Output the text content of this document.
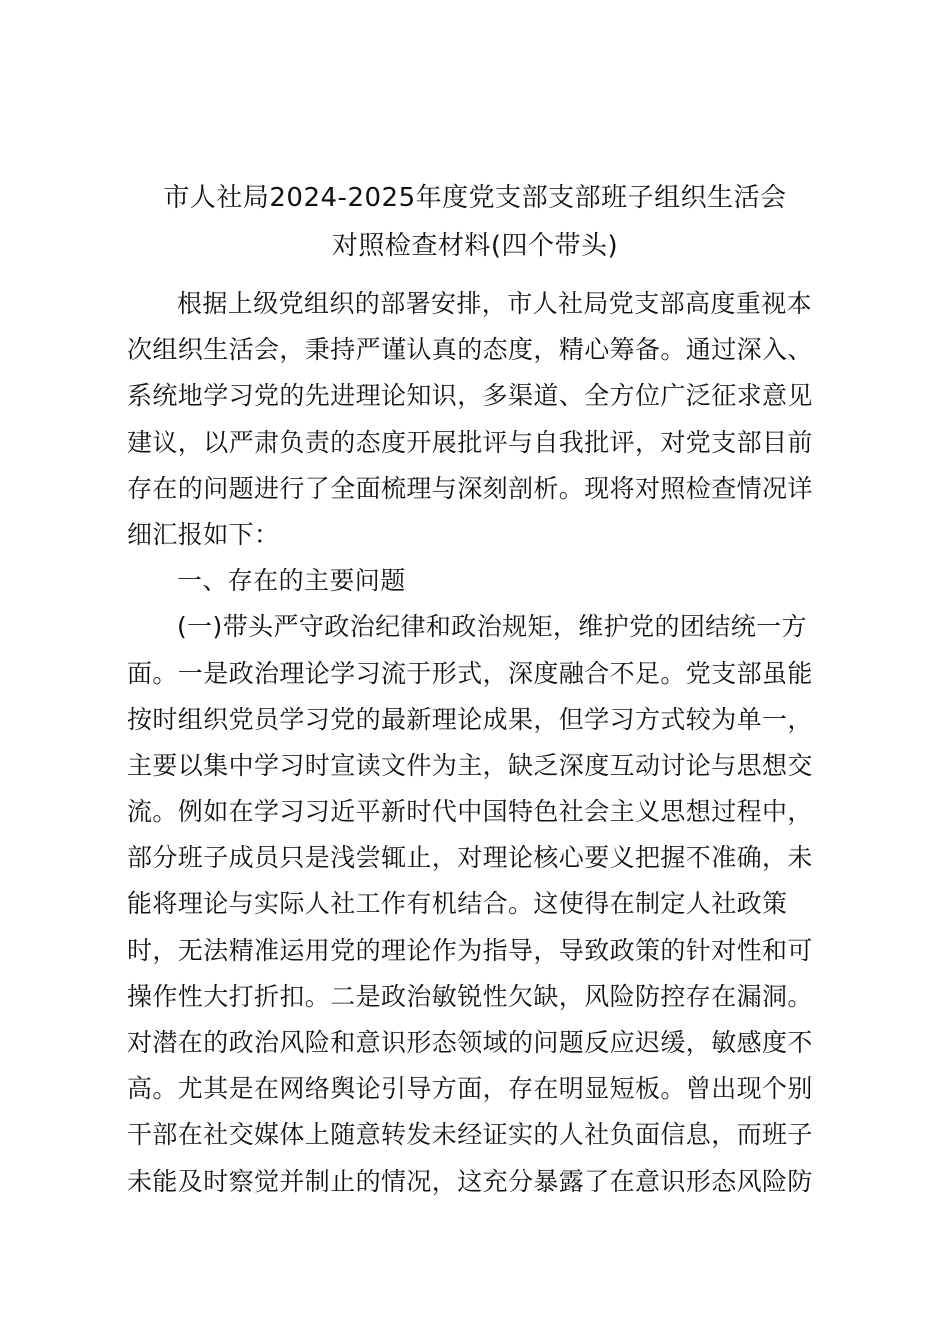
市人社局2024-2025年度党支部支部班子组织生活会
对照检查材料(四个带头)
根据上级党组织的部署安排，市人社局党支部高度重视本
次组织生活会，秉持严谨认真的态度，精心筹备。通过深入、
系统地学习党的先进理论知识，多渠道、全方位广泛征求意见
建议，以严肃负责的态度开展批评与自我批评，对党支部目前
存在的问题进行了全面梳理与深刻剖析。现将对照检查情况详
细汇报如下：
一、存在的主要问题
(一)带头严守政治纪律和政治规矩，维护党的团结统一方
面。一是政治理论学习流于形式，深度融合不足。党支部虽能
按时组织党员学习党的最新理论成果，但学习方式较为单一，
主要以集中学习时宣读文件为主，缺乏深度互动讨论与思想交
流。例如在学习习近平新时代中国特色社会主义思想过程中，
部分班子成员只是浅尝辄止，对理论核心要义把握不准确，未
能将理论与实际人社工作有机结合。这使得在制定人社政策
时，无法精准运用党的理论作为指导，导致政策的针对性和可
操作性大打折扣。二是政治敏锐性欠缺，风险防控存在漏洞。
对潜在的政治风险和意识形态领域的问题反应迟缓，敏感度不
高。尤其是在网络舆论引导方面，存在明显短板。曾出现个别
干部在社交媒体上随意转发未经证实的人社负面信息，而班子
未能及时察觉并制止的情况，这充分暴露了在意识形态风险防
